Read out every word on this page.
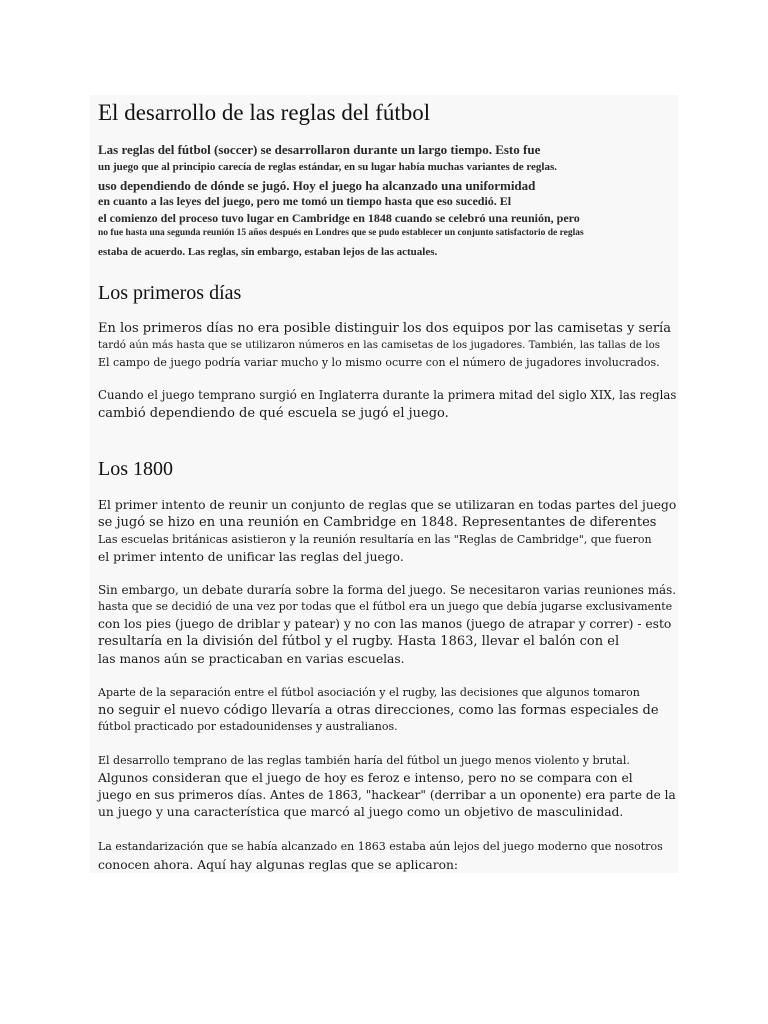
El desarrollo de las reglas del fútbol
Las reglas del fútbol (soccer) se desarrollaron durante un largo tiempo. Esto fue
un juego que al principio carecía de reglas estándar, en su lugar había muchas variantes de reglas.
uso dependiendo de dónde se jugó. Hoy el juego ha alcanzado una uniformidad
en cuanto a las leyes del juego, pero me tomó un tiempo hasta que eso sucedió. El
el comienzo del proceso tuvo lugar en Cambridge en 1848 cuando se celebró una reunión, pero
no fue hasta una segunda reunión 15 años después en Londres que se pudo establecer un conjunto satisfactorio de reglas
estaba de acuerdo. Las reglas, sin embargo, estaban lejos de las actuales.
Los primeros días
En los primeros días no era posible distinguir los dos equipos por las camisetas y sería
tardó aún más hasta que se utilizaron números en las camisetas de los jugadores. También, las tallas de los
El campo de juego podría variar mucho y lo mismo ocurre con el número de jugadores involucrados.
Cuando el juego temprano surgió en Inglaterra durante la primera mitad del siglo XIX, las reglas
cambió dependiendo de qué escuela se jugó el juego.
Los 1800
El primer intento de reunir un conjunto de reglas que se utilizaran en todas partes del juego
se jugó se hizo en una reunión en Cambridge en 1848. Representantes de diferentes
Las escuelas británicas asistieron y la reunión resultaría en las "Reglas de Cambridge", que fueron
el primer intento de unificar las reglas del juego.
Sin embargo, un debate duraría sobre la forma del juego. Se necesitaron varias reuniones más.
hasta que se decidió de una vez por todas que el fútbol era un juego que debía jugarse exclusivamente
con los pies (juego de driblar y patear) y no con las manos (juego de atrapar y correr) - esto
resultaría en la división del fútbol y el rugby. Hasta 1863, llevar el balón con el
las manos aún se practicaban en varias escuelas.
Aparte de la separación entre el fútbol asociación y el rugby, las decisiones que algunos tomaron
no seguir el nuevo código llevaría a otras direcciones, como las formas especiales de
fútbol practicado por estadounidenses y australianos.
El desarrollo temprano de las reglas también haría del fútbol un juego menos violento y brutal.
Algunos consideran que el juego de hoy es feroz e intenso, pero no se compara con el
juego en sus primeros días. Antes de 1863, "hackear" (derribar a un oponente) era parte de la
un juego y una característica que marcó al juego como un objetivo de masculinidad.
La estandarización que se había alcanzado en 1863 estaba aún lejos del juego moderno que nosotros
conocen ahora. Aquí hay algunas reglas que se aplicaron:
